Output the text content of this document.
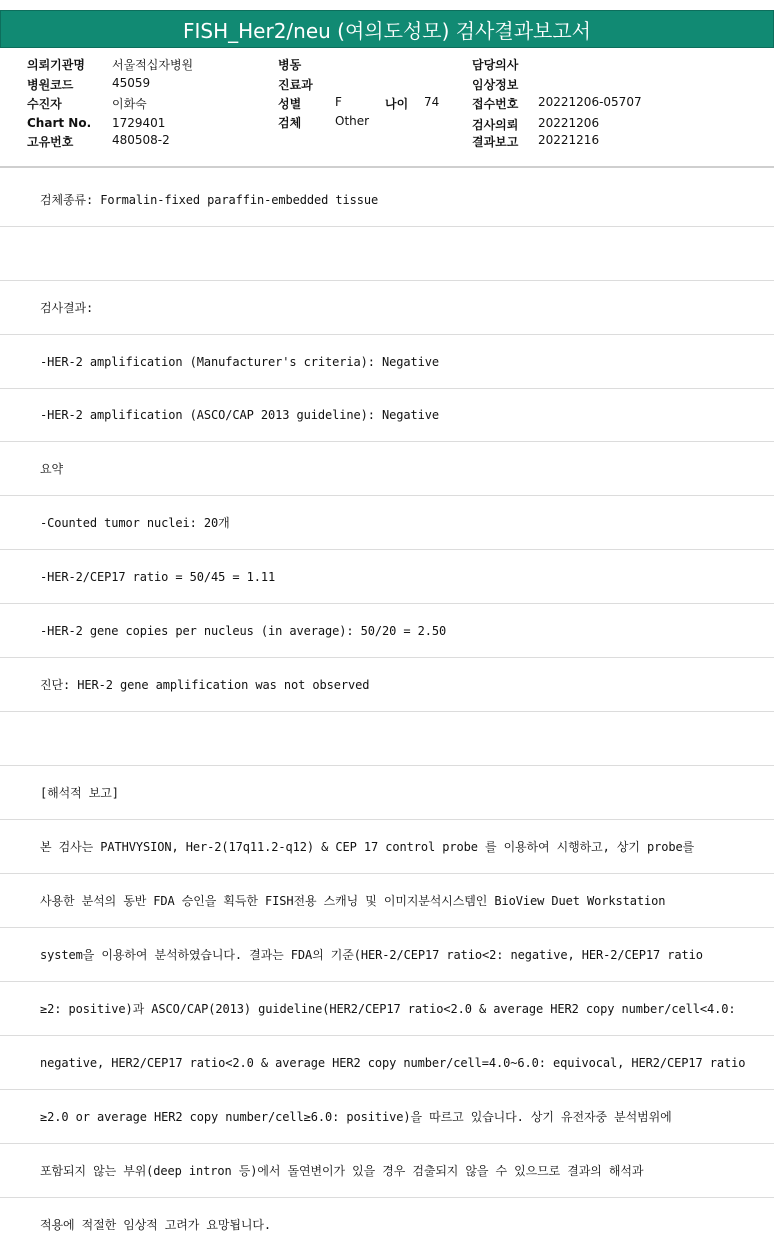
FISH_Her2/neu (여의도성모) 검사결과보고서
의뢰기관명 서울적십자병원
병원코드	45059
수진자	이화숙
Chart No. 1729401
고유번호	480508-2
병동
진료과
성별	F	나이 74
검체	Other
담당의사
임상정보
접수번호 20221206-05707
검사의뢰 20221206
결과보고 20221216
검체종류: Formalin-fixed paraffin-embedded tissue
검사결과:
-HER-2 amplification (Manufacturer's criteria): Negative
-HER-2 amplification (ASCO/CAP 2013 guideline): Negative
요약
-Counted tumor nuclei: 20개
-HER-2/CEP17 ratio = 50/45 = 1.11
-HER-2 gene copies per nucleus (in average): 50/20 = 2.50
진단: HER-2 gene amplification was not observed
[해석적 보고]
본 검사는 PATHVYSION, Her-2(17q11.2-q12) & CEP 17 control probe 를 이용하여 시행하고, 상기 probe를
사용한 분석의 동반 FDA 승인을 획득한 FISH전용 스캐닝 및 이미지분석시스템인 BioView Duet Workstation
system을 이용하여 분석하였습니다. 결과는 FDA의 기준(HER-2/CEP17 ratio<2: negative, HER-2/CEP17 ratio
≥2: positive)과 ASCO/CAP(2013) guideline(HER2/CEP17 ratio<2.0 & average HER2 copy number/cell<4.0:
negative, HER2/CEP17 ratio<2.0 & average HER2 copy number/cell=4.0~6.0: equivocal, HER2/CEP17 ratio
≥2.0 or average HER2 copy number/cell≥6.0: positive)을 따르고 있습니다. 상기 유전자중 분석범위에
포함되지 않는 부위(deep intron 등)에서 돌연변이가 있을 경우 검출되지 않을 수 있으므로 결과의 해석과
적용에 적절한 임상적 고려가 요망됩니다.
